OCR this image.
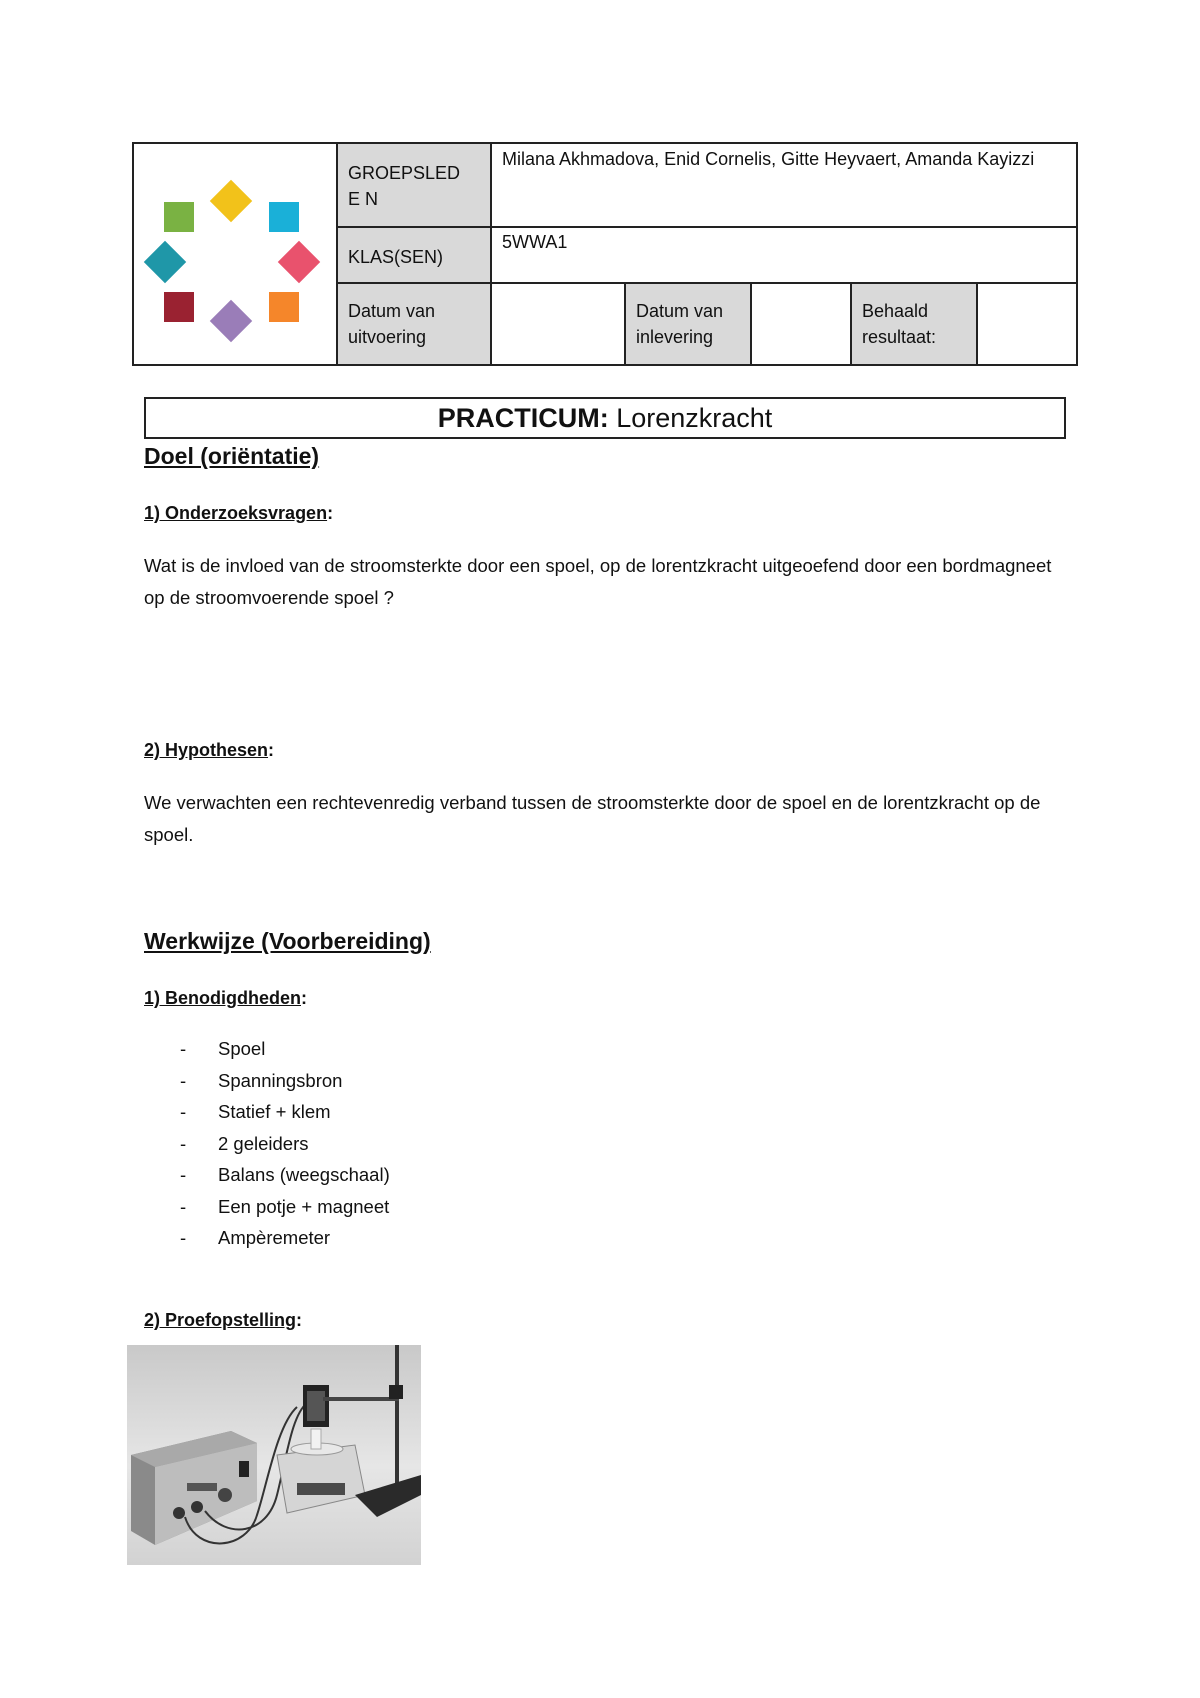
GROEPSLEDE N
Milana Akhmadova, Enid Cornelis, Gitte Heyvaert, Amanda Kayizzi
KLAS(SEN)
5WWA1
Datum van uitvoering
Datum van inlevering
Behaald resultaat:
PRACTICUM: Lorenzkracht
Doel (oriëntatie)
1) Onderzoeksvragen:
Wat is de invloed van de stroomsterkte door een spoel, op de lorentzkracht uitgeoefend door een bordmagneet op de stroomvoerende spoel ?
2) Hypothesen:
We verwachten een rechtevenredig verband tussen de stroomsterkte door de spoel en de lorentzkracht op de spoel.
Werkwijze (Voorbereiding)
1) Benodigdheden:
- Spoel
- Spanningsbron
- Statief + klem
- 2 geleiders
- Balans (weegschaal)
- Een potje + magneet
- Ampèremeter
2) Proefopstelling:
